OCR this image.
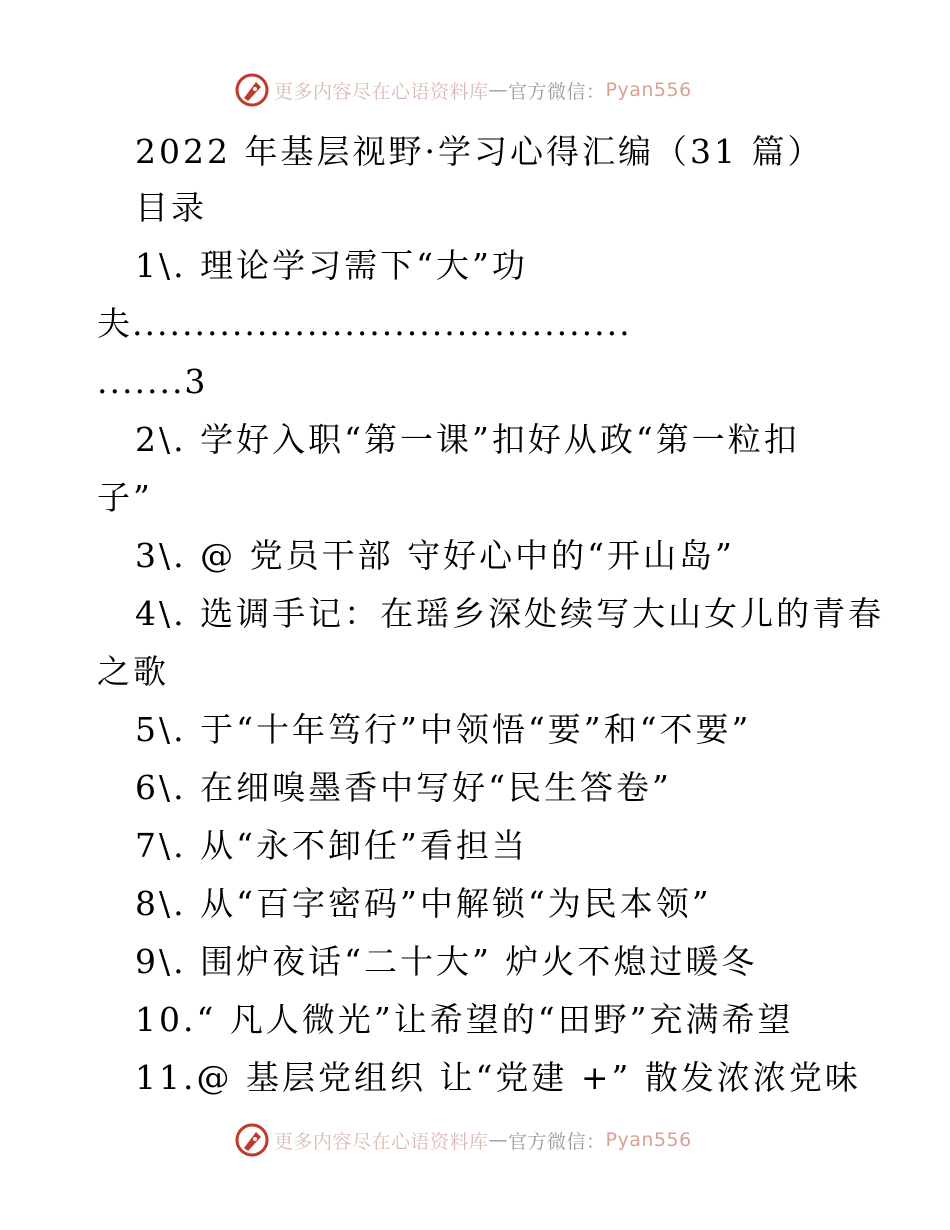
更多内容尽在心语资料库 — 官方微信： Pyan556
2022 年基层视野·学习心得汇编（31 篇）
目录
1\. 理论学习需下“大”功
夫........................................
.......3
2\. 学好入职“第一课”扣好从政“第一粒扣
子”
3\. @ 党员干部 守好心中的“开山岛”
4\. 选调手记：在瑶乡深处续写大山女儿的青春
之歌
5\. 于“十年笃行”中领悟“要”和“不要”
6\. 在细嗅墨香中写好“民生答卷”
7\. 从“永不卸任”看担当
8\. 从“百字密码”中解锁“为民本领”
9\. 围炉夜话“二十大” 炉火不熄过暖冬
10.“ 凡人微光”让希望的“田野”充满希望
11.@ 基层党组织 让“党建 +” 散发浓浓党味
更多内容尽在心语资料库 — 官方微信： Pyan556
